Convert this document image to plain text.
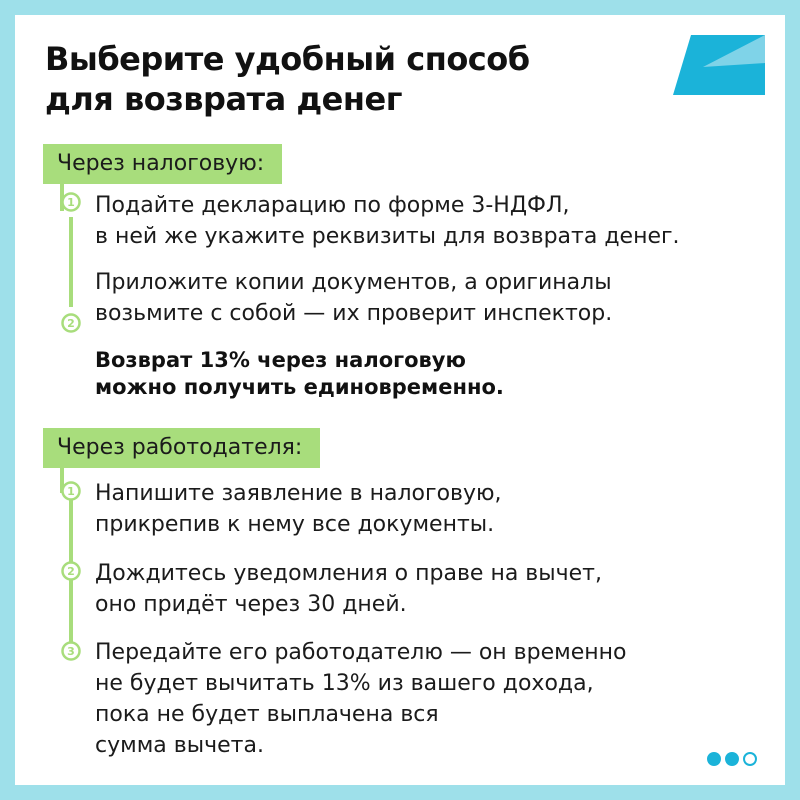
Выберите удобный способ
для возврата денег
Через налоговую:
1 Подайте декларацию по форме 3-НДФЛ,
в ней же укажите реквизиты для возврата денег.

2

Приложите копии документов, а оригиналы
возьмите с собой — их проверит инспектор.

Возврат 13% через налоговую
можно получить единовременно.

Через работодателя:
1 Напишите заявление в налоговую,
прикрепив к нему все документы.

2 Дождитесь уведомления о праве на вычет,
оно придёт через 30 дней.

3 Передайте его работодателю — он временно
не будет вычитать 13% из вашего дохода,
пока не будет выплачена вся
сумма вычета.
